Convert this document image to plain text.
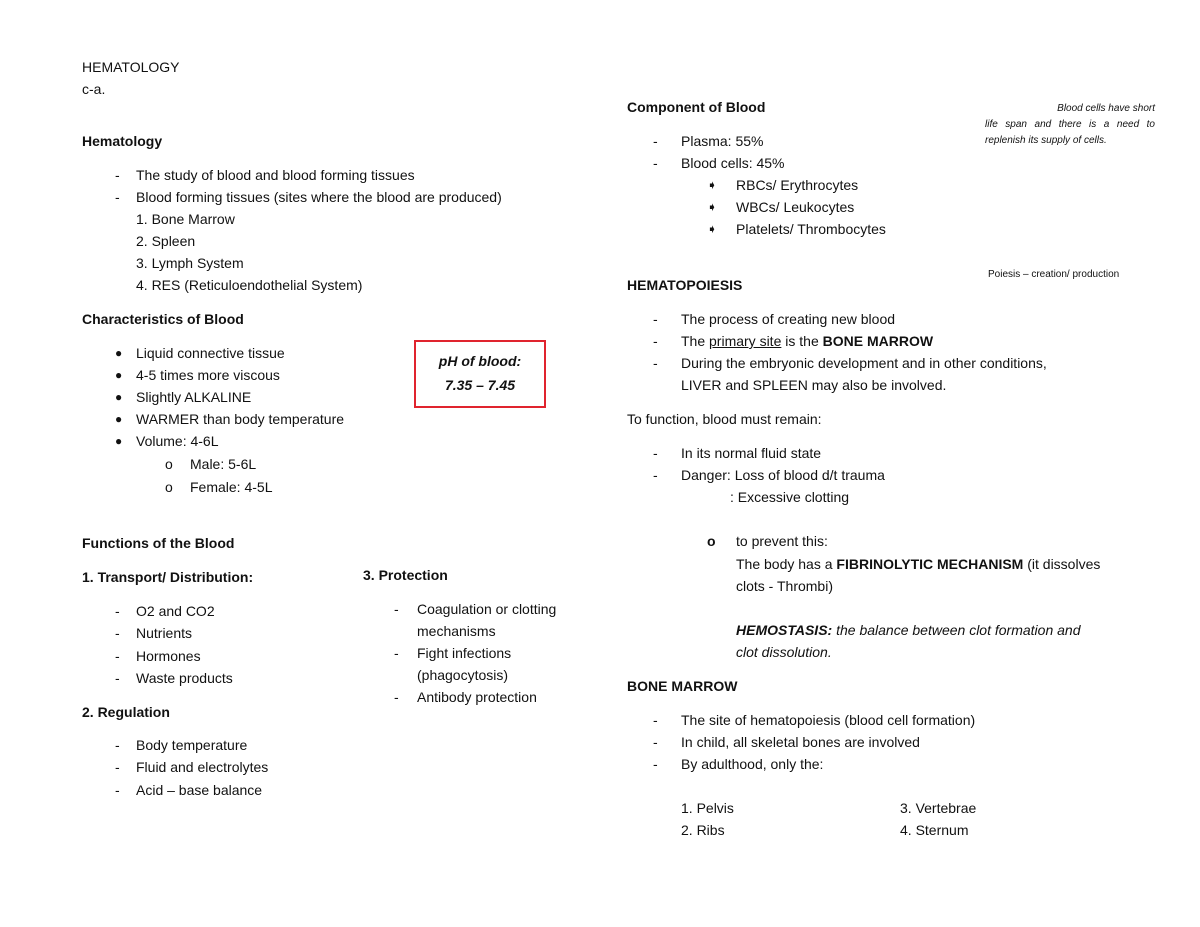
HEMATOLOGY
c-a.
Hematology
- The study of blood and blood forming tissues
- Blood forming tissues (sites where the blood are produced)
1. Bone Marrow
2. Spleen
3. Lymph System
4. RES (Reticuloendothelial System)
Characteristics of Blood
● Liquid connective tissue
● 4-5 times more viscous
● Slightly ALKALINE
● WARMER than body temperature
● Volume: 4-6L
o Male: 5-6L
o Female: 4-5L
pH of blood:
7.35 – 7.45
Functions of the Blood
1. Transport/ Distribution:
- O2 and CO2
- Nutrients
- Hormones
- Waste products
2. Regulation
- Body temperature
- Fluid and electrolytes
- Acid – base balance
3. Protection
- Coagulation or clotting
mechanisms
- Fight infections
(phagocytosis)
- Antibody protection
Component of Blood
- Plasma: 55%
- Blood cells: 45%
➧ RBCs/ Erythrocytes
➧ WBCs/ Leukocytes
➧ Platelets/ Thrombocytes
Blood cells have short
life span and there is a need to
replenish its supply of cells.
Poiesis – creation/ production
HEMATOPOIESIS
- The process of creating new blood
- The primary site is the BONE MARROW
- During the embryonic development and in other conditions,
LIVER and SPLEEN may also be involved.
To function, blood must remain:
- In its normal fluid state
- Danger: Loss of blood d/t trauma
: Excessive clotting
o to prevent this:
The body has a FIBRINOLYTIC MECHANISM (it dissolves
clots - Thrombi)
HEMOSTASIS: the balance between clot formation and
clot dissolution.
BONE MARROW
- The site of hematopoiesis (blood cell formation)
- In child, all skeletal bones are involved
- By adulthood, only the:
1. Pelvis
2. Ribs
3. Vertebrae
4. Sternum
